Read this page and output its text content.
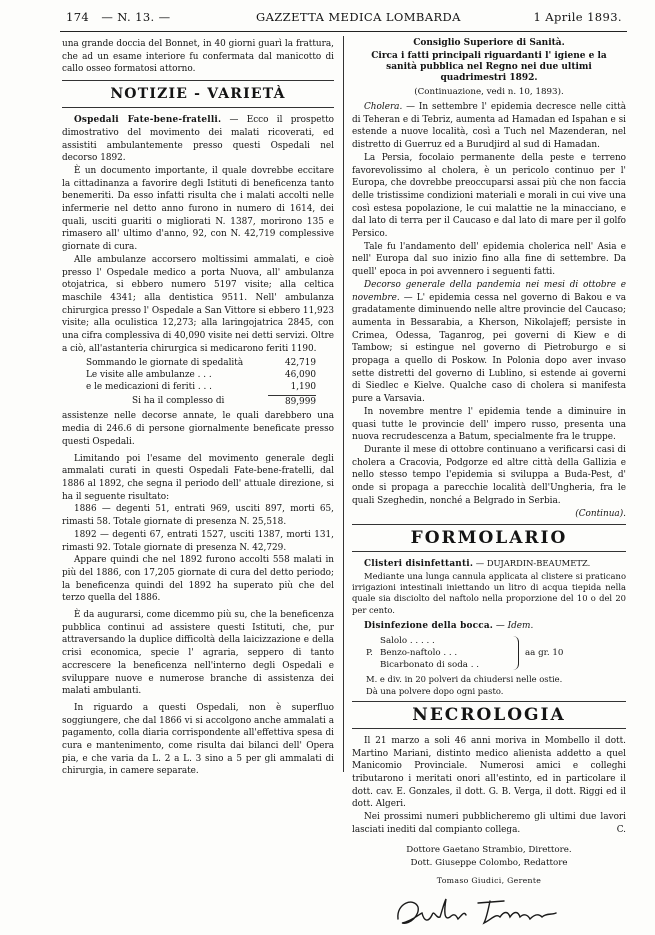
174 — N. 13. —	GAZZETTA MEDICA LOMBARDA	1 Aprile 1893.

una grande doccia del Bonnet, in 40 giorni guarì la frattura, che ad un esame interiore fu confermata dal manicotto di callo osseo formatosi attorno.

NOTIZIE - VARIETÀ

Ospedali Fate-bene-fratelli. — Ecco il prospetto dimostrativo del movimento dei malati ricoverati, ed assistiti ambulantemente presso questi Ospedali nel decorso 1892.

È un documento importante, il quale dovrebbe eccitare la cittadinanza a favorire degli Istituti di beneficenza tanto benemeriti. Da esso infatti risulta che i malati accolti nelle infermerie nel detto anno furono in numero di 1614, dei quali, usciti guariti o migliorati N. 1387, morirono 135 e rimasero all' ultimo d'anno, 92, con N. 42,719 complessive giornate di cura.

Alle ambulanze accorsero moltissimi ammalati, e cioè presso l' Ospedale medico a porta Nuova, all' ambulanza otojatrica, si ebbero numero 5197 visite; alla celtica maschile 4341; alla dentistica 9511. Nell' ambulanza chirurgica presso l' Ospedale a San Vittore si ebbero 11,923 visite; alla oculistica 12,273; alla laringojatrica 2845, con una cifra complessiva di 40,090 visite nei detti servizi. Oltre a ciò, all'astanteria chirurgica si medicarono feriti 1190.

Sommando le giornate di spedalità	42,719
Le visite alle ambulanze . . .	46,090
e le medicazioni di feriti . . .	1,190
Si ha il complesso di	89,999

assistenze nelle decorse annate, le quali darebbero una media di 246.6 di persone giornalmente beneficate presso questi Ospedali.

Limitando poi l'esame del movimento generale degli ammalati curati in questi Ospedali Fate-bene-fratelli, dal 1886 al 1892, che segna il periodo dell' attuale direzione, si ha il seguente risultato:

1886 — degenti 51, entrati 969, usciti 897, morti 65, rimasti 58. Totale giornate di presenza N. 25,518.

1892 — degenti 67, entrati 1527, usciti 1387, morti 131, rimasti 92. Totale giornate di presenza N. 42,729.

Appare quindi che nel 1892 furono accolti 558 malati in più del 1886, con 17,205 giornate di cura del detto periodo; la beneficenza quindi del 1892 ha superato più che del terzo quella del 1886.

È da augurarsi, come dicemmo più su, che la beneficenza pubblica continui ad assistere questi Istituti, che, pur attraversando la duplice difficoltà della laicizzazione e della crisi economica, specie l' agraria, seppero di tanto accrescere la beneficenza nell'interno degli Ospedali e sviluppare nuove e numerose branche di assistenza dei malati ambulanti.

In riguardo a questi Ospedali, non è superfluo soggiungere, che dal 1866 vi si accolgono anche ammalati a pagamento, colla diaria corrispondente all'effettiva spesa di cura e mantenimento, come risulta dai bilanci dell' Opera pia, e che varia da L. 2 a L. 3 sino a 5 per gli ammalati di chirurgia, in camere separate.

Consiglio Superiore di Sanità.
Circa i fatti principali riguardanti l' igiene e la sanità pubblica nel Regno nei due ultimi quadrimestri 1892.
(Continuazione, vedi n. 10, 1893).

Cholera. — In settembre l' epidemia decresce nelle città di Teheran e di Tebriz, aumenta ad Hamadan ed Ispahan e si estende a nuove località, così a Tuch nel Mazenderan, nel distretto di Guerruz ed a Burudjird al sud di Hamadan.

La Persia, focolaio permanente della peste e terreno favorevolissimo al cholera, è un pericolo continuo per l' Europa, che dovrebbe preoccuparsi assai più che non faccia delle tristissime condizioni materiali e morali in cui vive una così estesa popolazione, le cui malattie ne la minacciano, e dal lato di terra per il Caucaso e dal lato di mare per il golfo Persico.

Tale fu l'andamento dell' epidemia cholerica nell' Asia e nell' Europa dal suo inizio fino alla fine di settembre. Da quell' epoca in poi avvennero i seguenti fatti.

Decorso generale della pandemia nei mesi di ottobre e novembre. — L' epidemia cessa nel governo di Bakou e va gradatamente diminuendo nelle altre provincie del Caucaso; aumenta in Bessarabia, a Kherson, Nikolajeff; persiste in Crimea, Odessa, Taganrog, pei governi di Kiew e di Tambow; si estingue nel governo di Pietroburgo e si propaga a quello di Poskow. In Polonia dopo aver invaso sette distretti del governo di Lublino, si estende ai governi di Siedlec e Kielve. Qualche caso di cholera si manifesta pure a Varsavia.

In novembre mentre l' epidemia tende a diminuire in quasi tutte le provincie dell' impero russo, presenta una nuova recrudescenza a Batum, specialmente fra le truppe.

Durante il mese di ottobre continuano a verificarsi casi di cholera a Cracovia, Podgorze ed altre città della Gallizia e nello stesso tempo l'epidemia si sviluppa a Buda-Pest, d' onde si propaga a parecchie località dell'Ungheria, fra le quali Szeghedin, nonché a Belgrado in Serbia.

(Continua).
FORMOLARIO

Clisteri disinfettanti. — DUJARDIN-BEAUMETZ.

Mediante una lunga cannula applicata al clistere si praticano irrigazioni intestinali iniettando un litro di acqua tiepida nella quale sia disciolto del naftolo nella proporzione del 10 o del 20 per cento.

Disinfezione della bocca. — Idem.

P.
Salolo . . . . .
Benzo-naftolo . . .
Bicarbonato di soda . .
aa gr. 10

M. e div. in 20 polveri da chiudersi nelle ostie.

Dà una polvere dopo ogni pasto.

NECROLOGIA

Il 21 marzo a soli 46 anni moriva in Mombello il dott. Martino Mariani, distinto medico alienista addetto a quel Manicomio Provinciale. Numerosi amici e colleghi tributarono i meritati onori all'estinto, ed in particolare il dott. cav. E. Gonzales, il dott. G. B. Verga, il dott. Riggi ed il dott. Algeri.

Nei prossimi numeri pubblicheremo gli ultimi due lavori lasciati inediti dal compianto collega.	C.

Dottore Gaetano Strambio, Direttore.
Dott. Giuseppe Colombo, Redattore
Tomaso Giudici, Gerente
